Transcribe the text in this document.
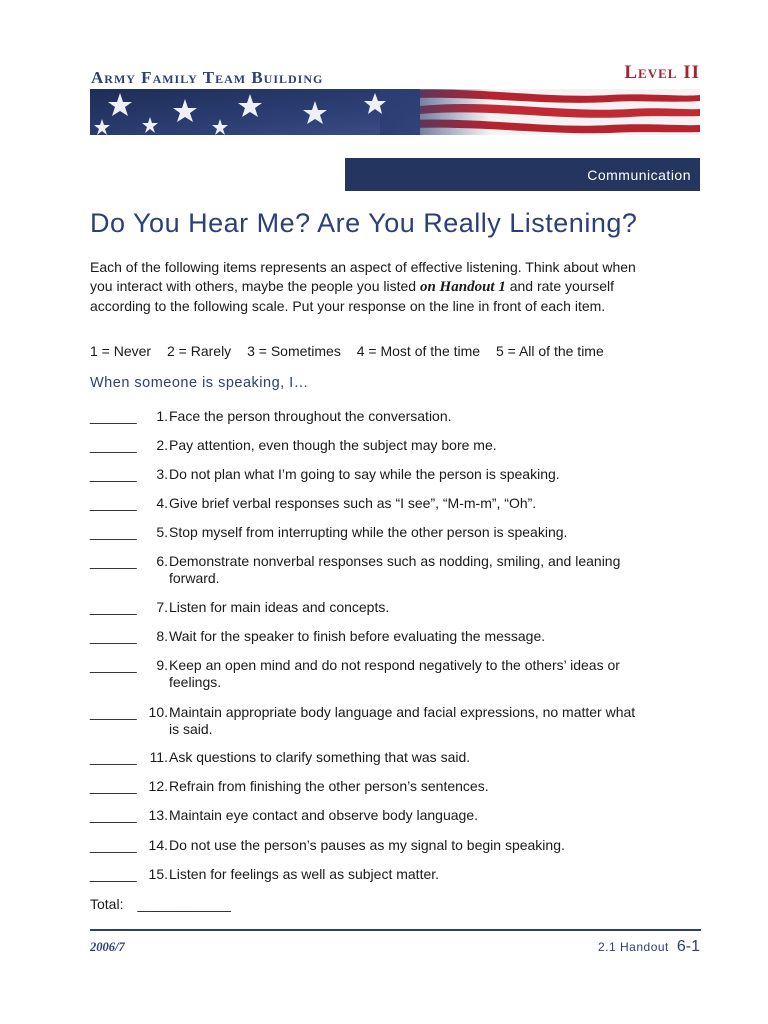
Army Family Team Building	Level II
Communication
Do You Hear Me? Are You Really Listening?

Each of the following items represents an aspect of effective listening. Think about when you interact with others, maybe the people you listed on Handout 1 and rate yourself according to the following scale. Put your response on the line in front of each item.

1 = Never 2 = Rarely 3 = Sometimes 4 = Most of the time 5 = All of the time

When someone is speaking, I…

______ 1. Face the person throughout the conversation.
______ 2. Pay attention, even though the subject may bore me.
______ 3. Do not plan what I’m going to say while the person is speaking.
______ 4. Give brief verbal responses such as “I see”, “M-m-m”, “Oh”.
______ 5. Stop myself from interrupting while the other person is speaking.
______ 6. Demonstrate nonverbal responses such as nodding, smiling, and leaning forward.
______ 7. Listen for main ideas and concepts.
______ 8. Wait for the speaker to finish before evaluating the message.
______ 9. Keep an open mind and do not respond negatively to the others’ ideas or feelings.
______ 10. Maintain appropriate body language and facial expressions, no matter what is said.
______ 11. Ask questions to clarify something that was said.
______ 12. Refrain from finishing the other person’s sentences.
______ 13. Maintain eye contact and observe body language.
______ 14. Do not use the person’s pauses as my signal to begin speaking.
______ 15. Listen for feelings as well as subject matter.
Total: ____________
2006/7	2.1 Handout 6-1
